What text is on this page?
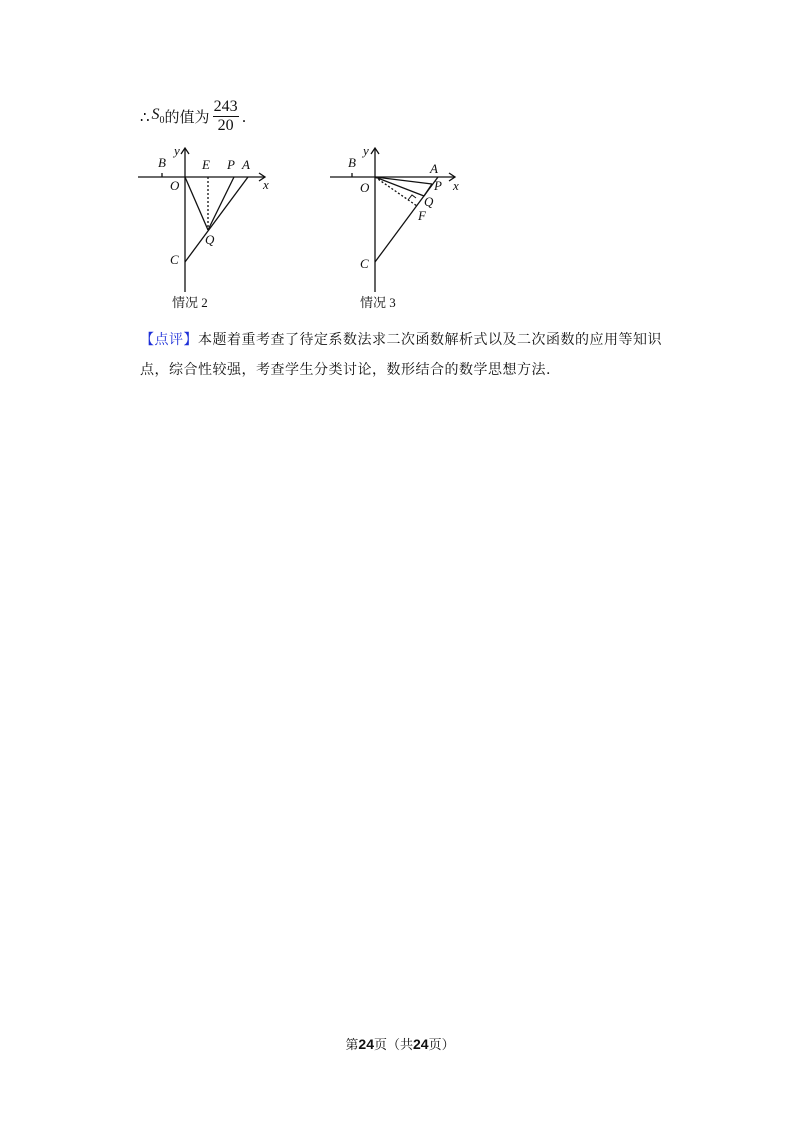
∴ $S_0$ 的值为 $\frac{243}{20}$ .
B
y
E P A
x
O
Q
C
情况 2
B
y
A
P x
O
Q
F
C
情况 3
【点评】本题着重考查了待定系数法求二次函数解析式以及二次函数的应用等知识点，综合性较强，考查学生分类讨论，数形结合的数学思想方法.
第24页（共24页）
